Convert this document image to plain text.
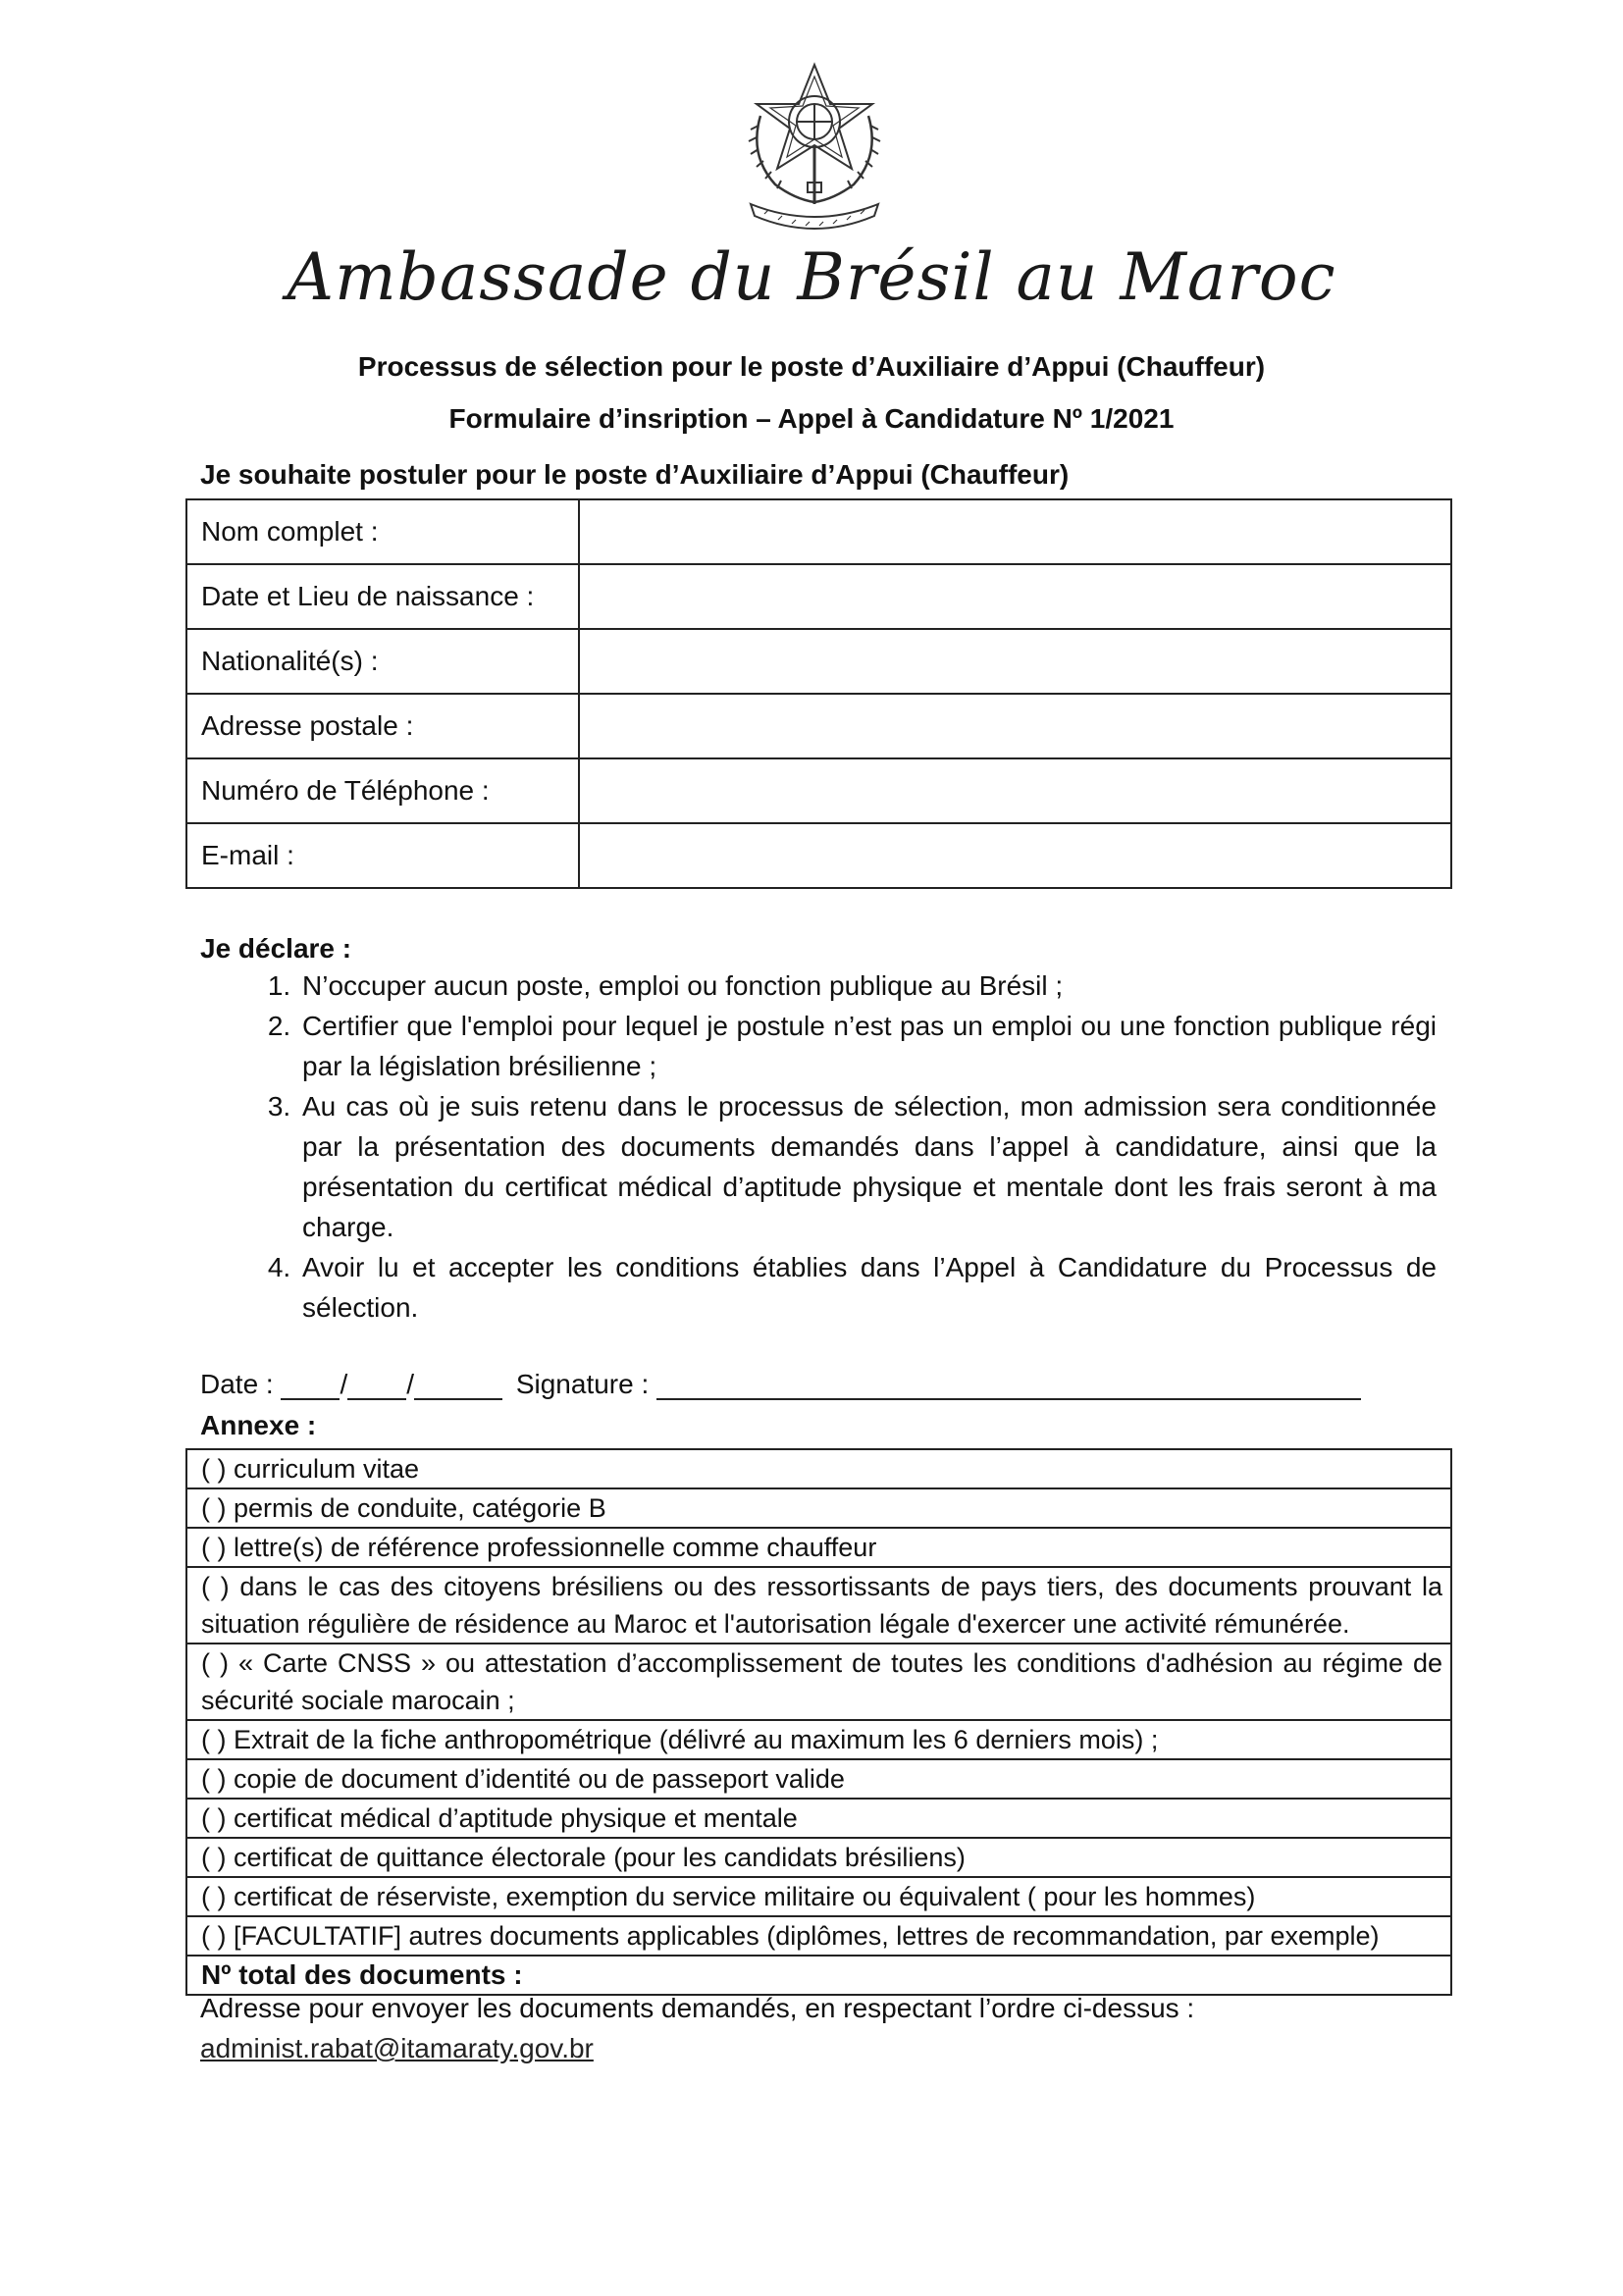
Ambassade du Brésil au Maroc
Processus de sélection pour le poste d’Auxiliaire d’Appui (Chauffeur)
Formulaire d’insription – Appel à Candidature Nº 1/2021
Je souhaite postuler pour le poste d’Auxiliaire d’Appui (Chauffeur)
Nom complet :	
Date et Lieu de naissance :	
Nationalité(s) :	
Adresse postale :	
Numéro de Téléphone :	
E-mail :	
Je déclare :
1. N’occuper aucun poste, emploi ou fonction publique au Brésil ;
2. Certifier que l'emploi pour lequel je postule n’est pas un emploi ou une fonction publique régi par la législation brésilienne ;
3. Au cas où je suis retenu dans le processus de sélection, mon admission sera conditionnée par la présentation des documents demandés dans l’appel à candidature, ainsi que la présentation du certificat médical d’aptitude physique et mentale dont les frais seront à ma charge.
4. Avoir lu et accepter les conditions établies dans l’Appel à Candidature du Processus de sélection.
Date : / /	Signature :
Annexe :
( ) curriculum vitae
( ) permis de conduite, catégorie B
( ) lettre(s) de référence professionnelle comme chauffeur
( ) dans le cas des citoyens brésiliens ou des ressortissants de pays tiers, des documents prouvant la situation régulière de résidence au Maroc et l'autorisation légale d'exercer une activité rémunérée.
( ) « Carte CNSS » ou attestation d’accomplissement de toutes les conditions d'adhésion au régime de sécurité sociale marocain ;
( ) Extrait de la fiche anthropométrique (délivré au maximum les 6 derniers mois) ;
( ) copie de document d’identité ou de passeport valide
( ) certificat médical d’aptitude physique et mentale
( ) certificat de quittance électorale (pour les candidats brésiliens)
( ) certificat de réserviste, exemption du service militaire ou équivalent ( pour les hommes)
( ) [FACULTATIF] autres documents applicables (diplômes, lettres de recommandation, par exemple)
Nº total des documents :
Adresse pour envoyer les documents demandés, en respectant l’ordre ci-dessus :
administ.rabat@itamaraty.gov.br
